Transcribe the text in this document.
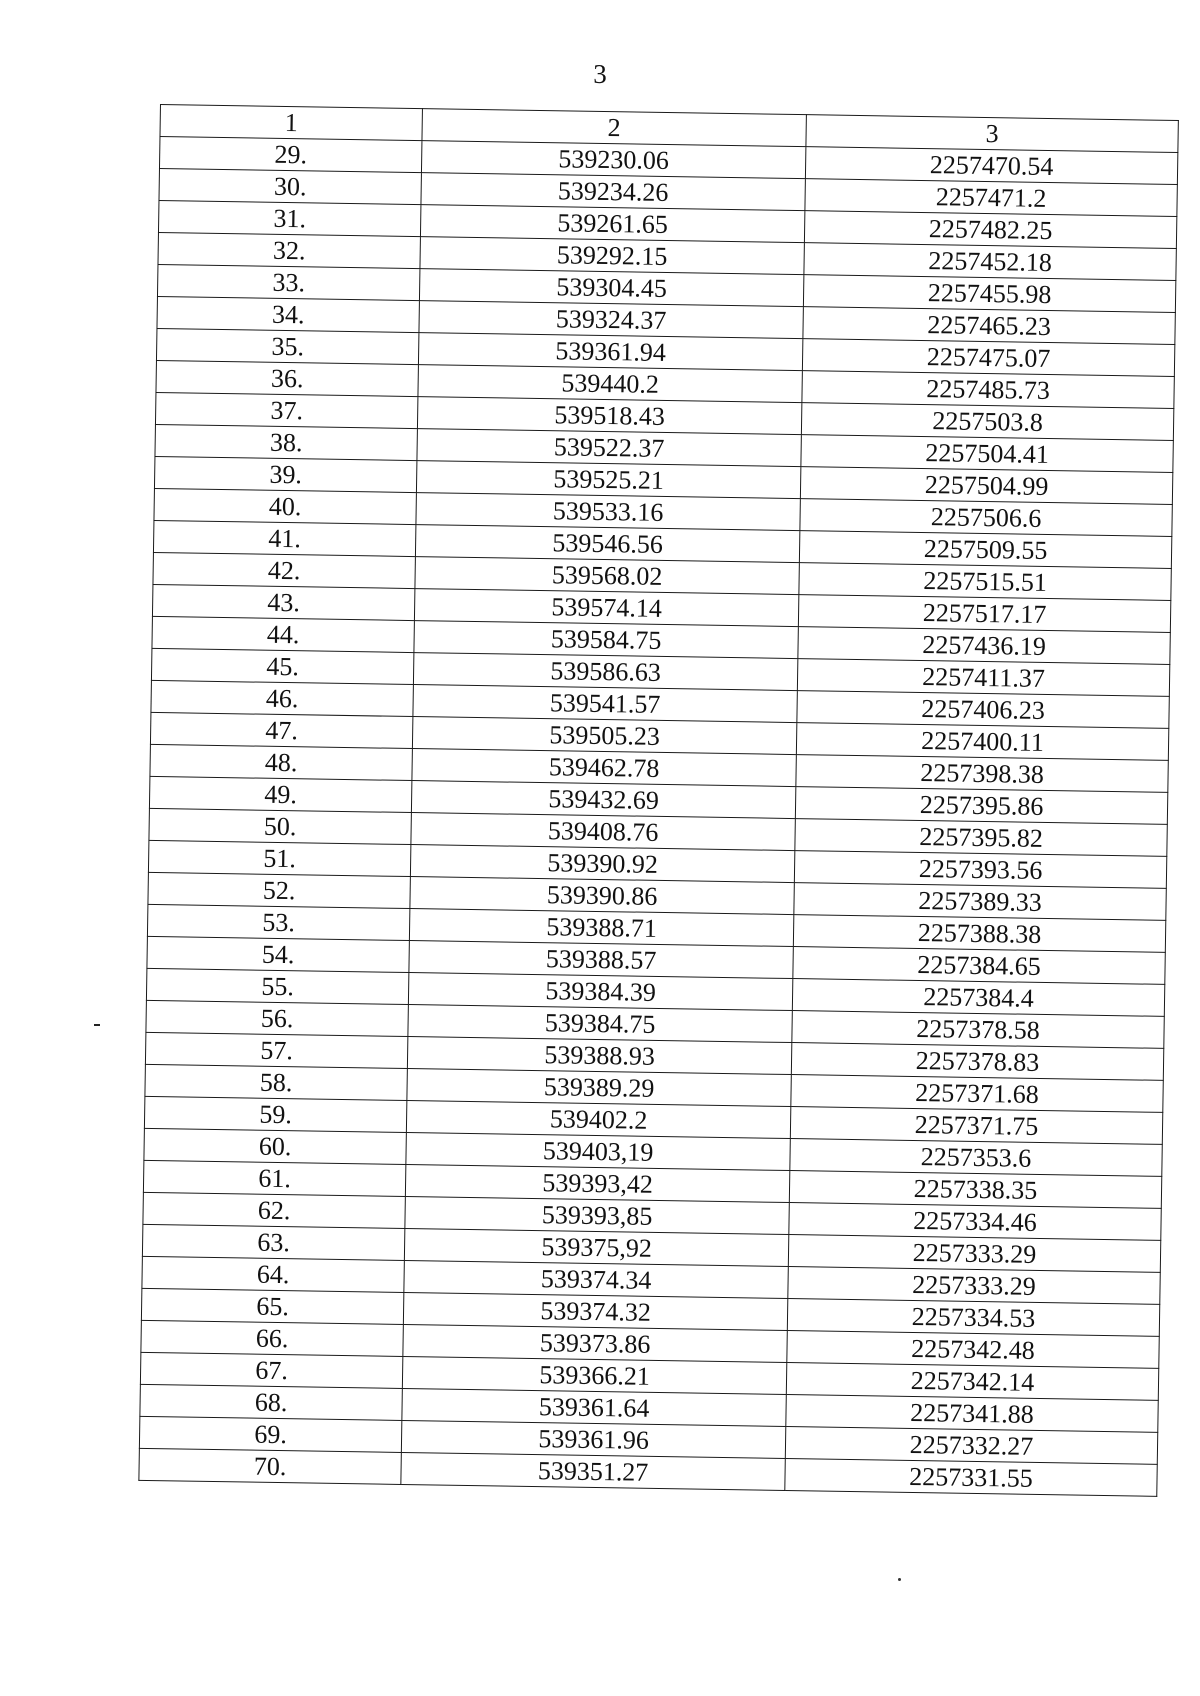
3
1	2	3
29.	539230.06	2257470.54
30.	539234.26	2257471.2
31.	539261.65	2257482.25
32.	539292.15	2257452.18
33.	539304.45	2257455.98
34.	539324.37	2257465.23
35.	539361.94	2257475.07
36.	539440.2	2257485.73
37.	539518.43	2257503.8
38.	539522.37	2257504.41
39.	539525.21	2257504.99
40.	539533.16	2257506.6
41.	539546.56	2257509.55
42.	539568.02	2257515.51
43.	539574.14	2257517.17
44.	539584.75	2257436.19
45.	539586.63	2257411.37
46.	539541.57	2257406.23
47.	539505.23	2257400.11
48.	539462.78	2257398.38
49.	539432.69	2257395.86
50.	539408.76	2257395.82
51.	539390.92	2257393.56
52.	539390.86	2257389.33
53.	539388.71	2257388.38
54.	539388.57	2257384.65
55.	539384.39	2257384.4
56.	539384.75	2257378.58
57.	539388.93	2257378.83
58.	539389.29	2257371.68
59.	539402.2	2257371.75
60.	539403,19	2257353.6
61.	539393,42	2257338.35
62.	539393,85	2257334.46
63.	539375,92	2257333.29
64.	539374.34	2257333.29
65.	539374.32	2257334.53
66.	539373.86	2257342.48
67.	539366.21	2257342.14
68.	539361.64	2257341.88
69.	539361.96	2257332.27
70.	539351.27	2257331.55
